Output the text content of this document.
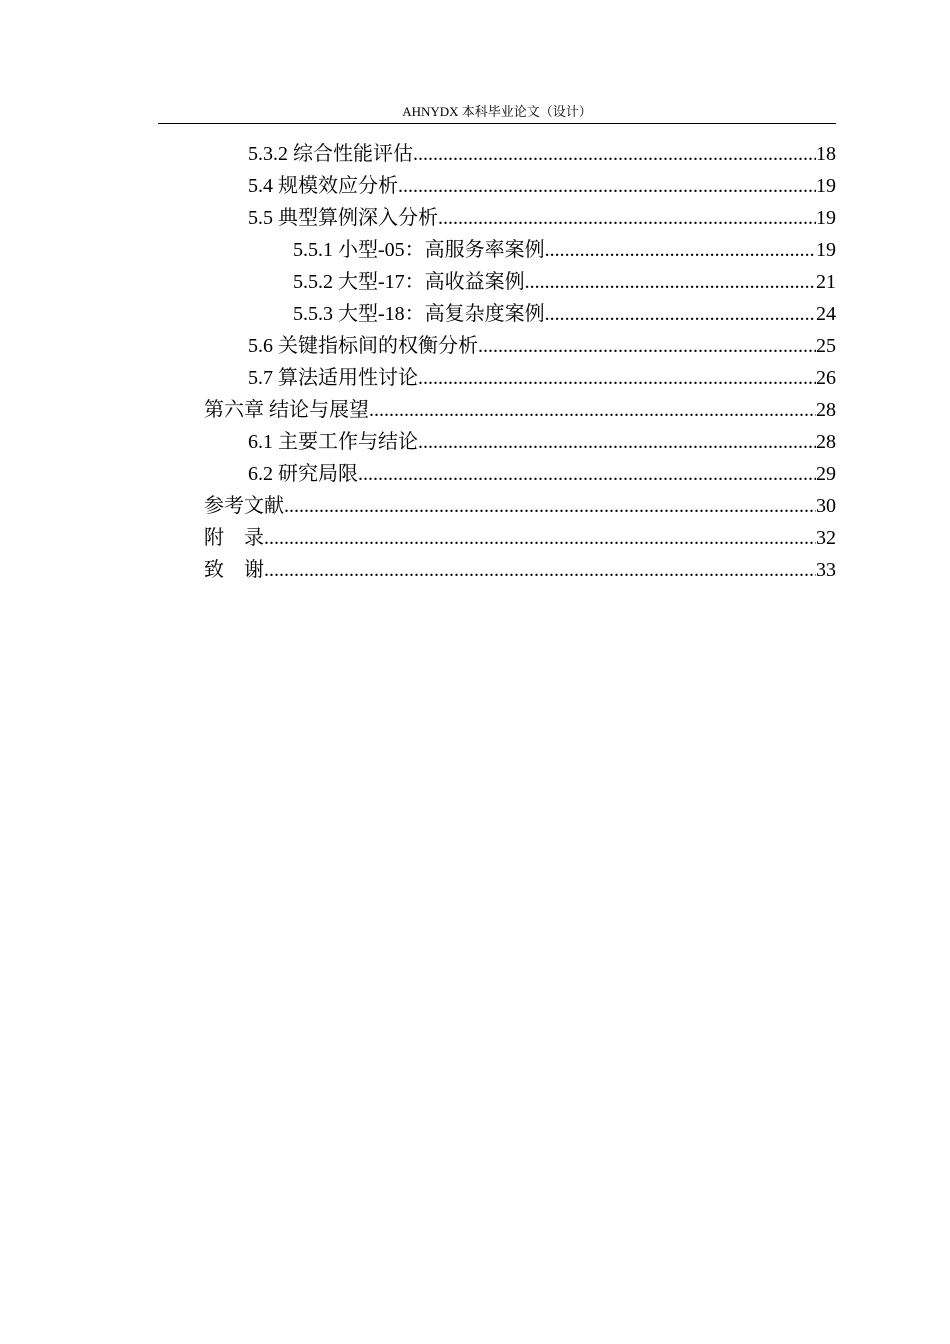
AHNYDX 本科毕业论文（设计）
5.3.2 综合性能评估 .....	18
5.4 规模效应分析 .....	19
5.5 典型算例深入分析 .....	19
5.5.1 小型-05：高服务率案例 .....	19
5.5.2 大型-17：高收益案例 .....	21
5.5.3 大型-18：高复杂度案例 .....	24
5.6 关键指标间的权衡分析 .....	25
5.7 算法适用性讨论 .....	26
第六章 结论与展望 .....	28
6.1 主要工作与结论 .....	28
6.2 研究局限 .....	29
参考文献 .....	30
附    录 .....	32
致    谢 .....	33
